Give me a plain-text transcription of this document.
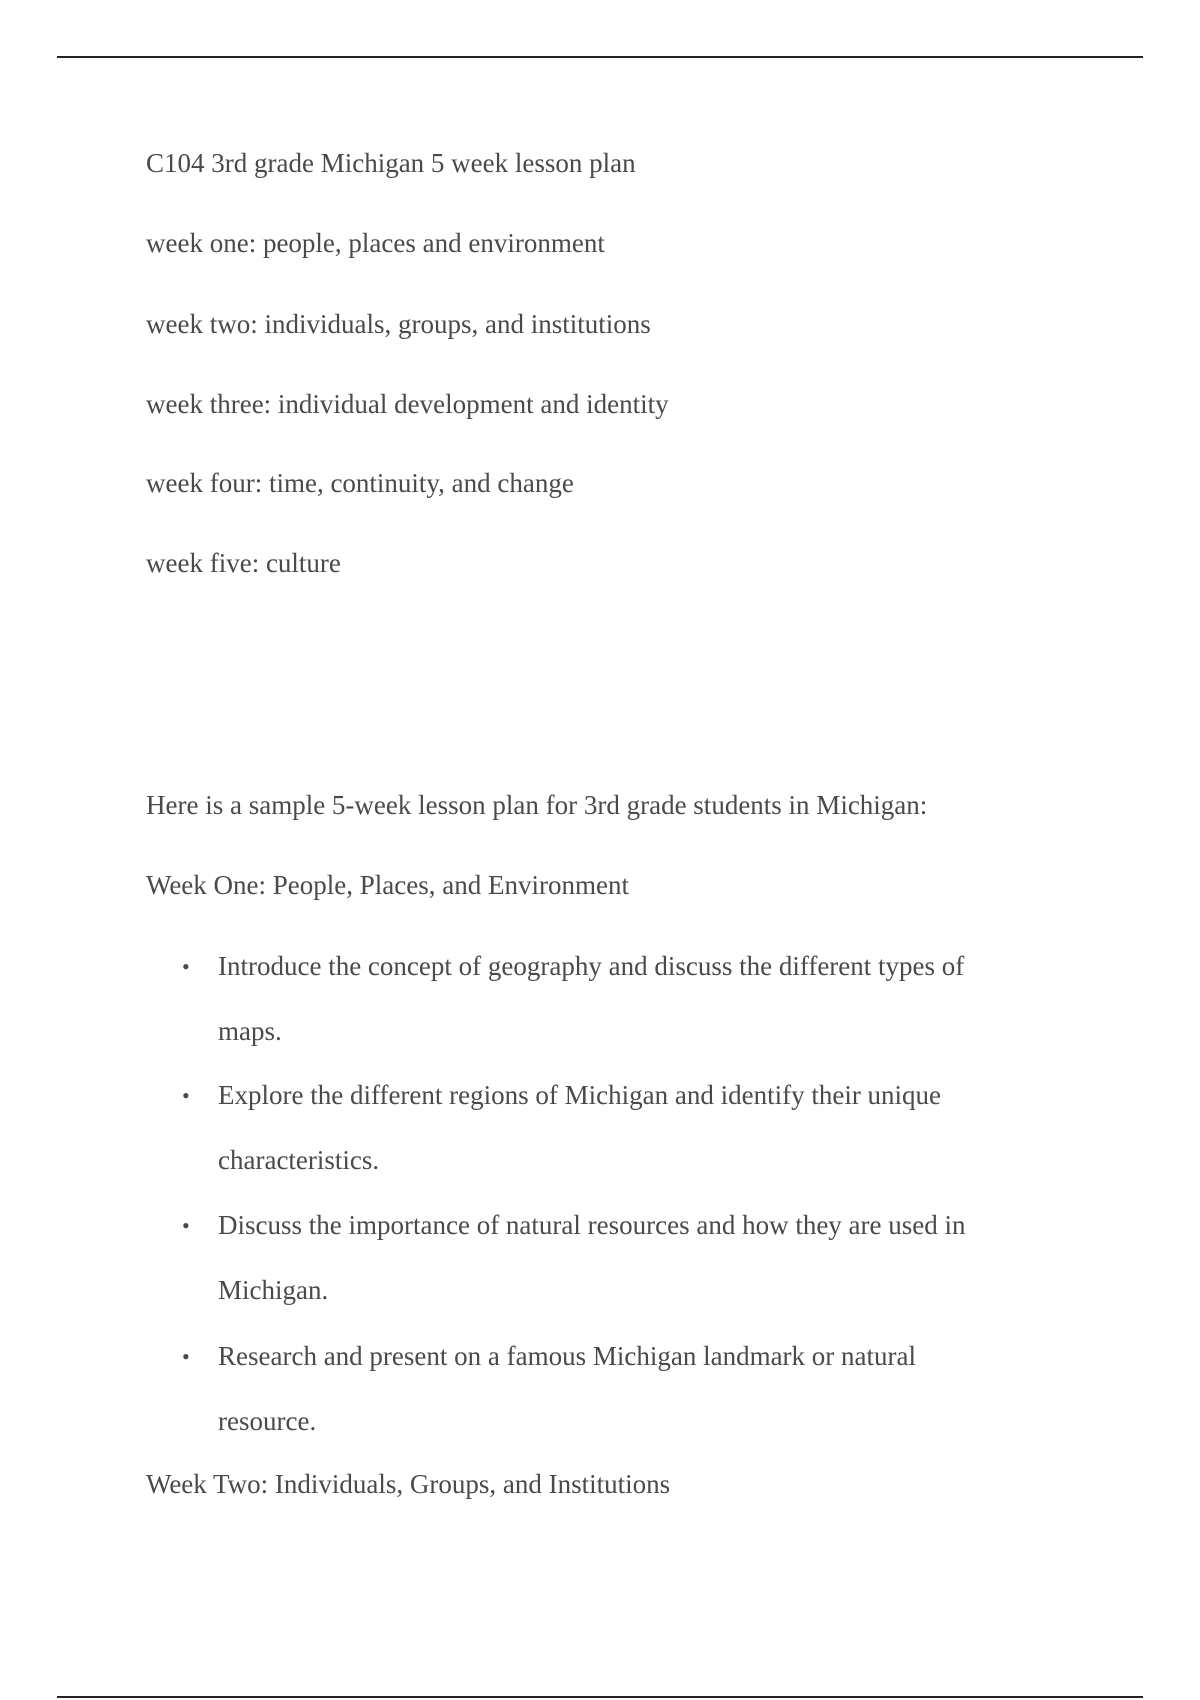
C104 3rd grade Michigan 5 week lesson plan
week one: people, places and environment
week two: individuals, groups, and institutions
week three: individual development and identity
week four: time, continuity, and change
week five: culture
Here is a sample 5-week lesson plan for 3rd grade students in Michigan:
Week One: People, Places, and Environment
• Introduce the concept of geography and discuss the different types of maps.
• Explore the different regions of Michigan and identify their unique characteristics.
• Discuss the importance of natural resources and how they are used in Michigan.
• Research and present on a famous Michigan landmark or natural resource.
Week Two: Individuals, Groups, and Institutions
